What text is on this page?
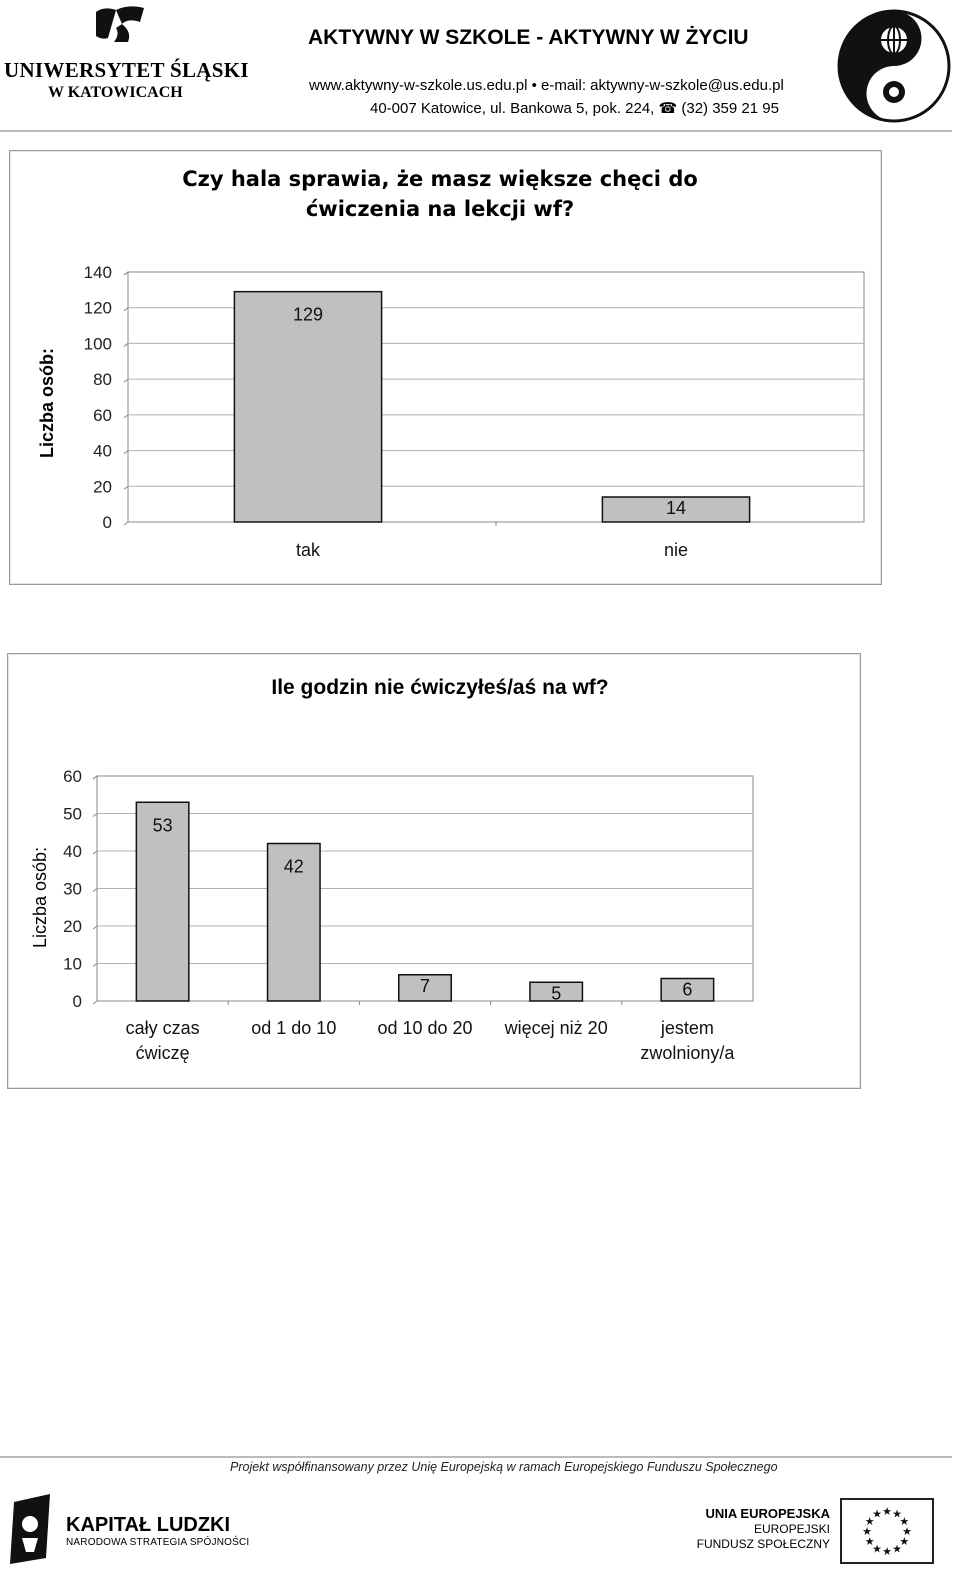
UNIWERSYTET ŚLĄSKI
W KATOWICACH
AKTYWNY W SZKOLE - AKTYWNY W ŻYCIU
www.aktywny-w-szkole.us.edu.pl • e-mail: aktywny-w-szkole@us.edu.pl
40-007 Katowice, ul. Bankowa 5, pok. 224, ☎ (32) 359 21 95
Czy hala sprawia, że masz większe chęci do
ćwiczenia na lekcji wf?
Liczba osób:
0
20
40
60
80
100
120
140
129
tak
14
nie
Ile godzin nie ćwiczyłeś/aś na wf?
Liczba osób:
0
10
20
30
40
50
60
53
cały czas
ćwiczę
42
od 1 do 10
7
od 10 do 20
5
więcej niż 20
6
jestem
zwolniony/a
Projekt współfinansowany przez Unię Europejską w ramach Europejskiego Funduszu Społecznego
KAPITAŁ LUDZKI
NARODOWA STRATEGIA SPÓJNOŚCI
UNIA EUROPEJSKA
EUROPEJSKI
FUNDUSZ SPOŁECZNY
★
★
★
★
★
★
★
★
★ ★ ★
★
